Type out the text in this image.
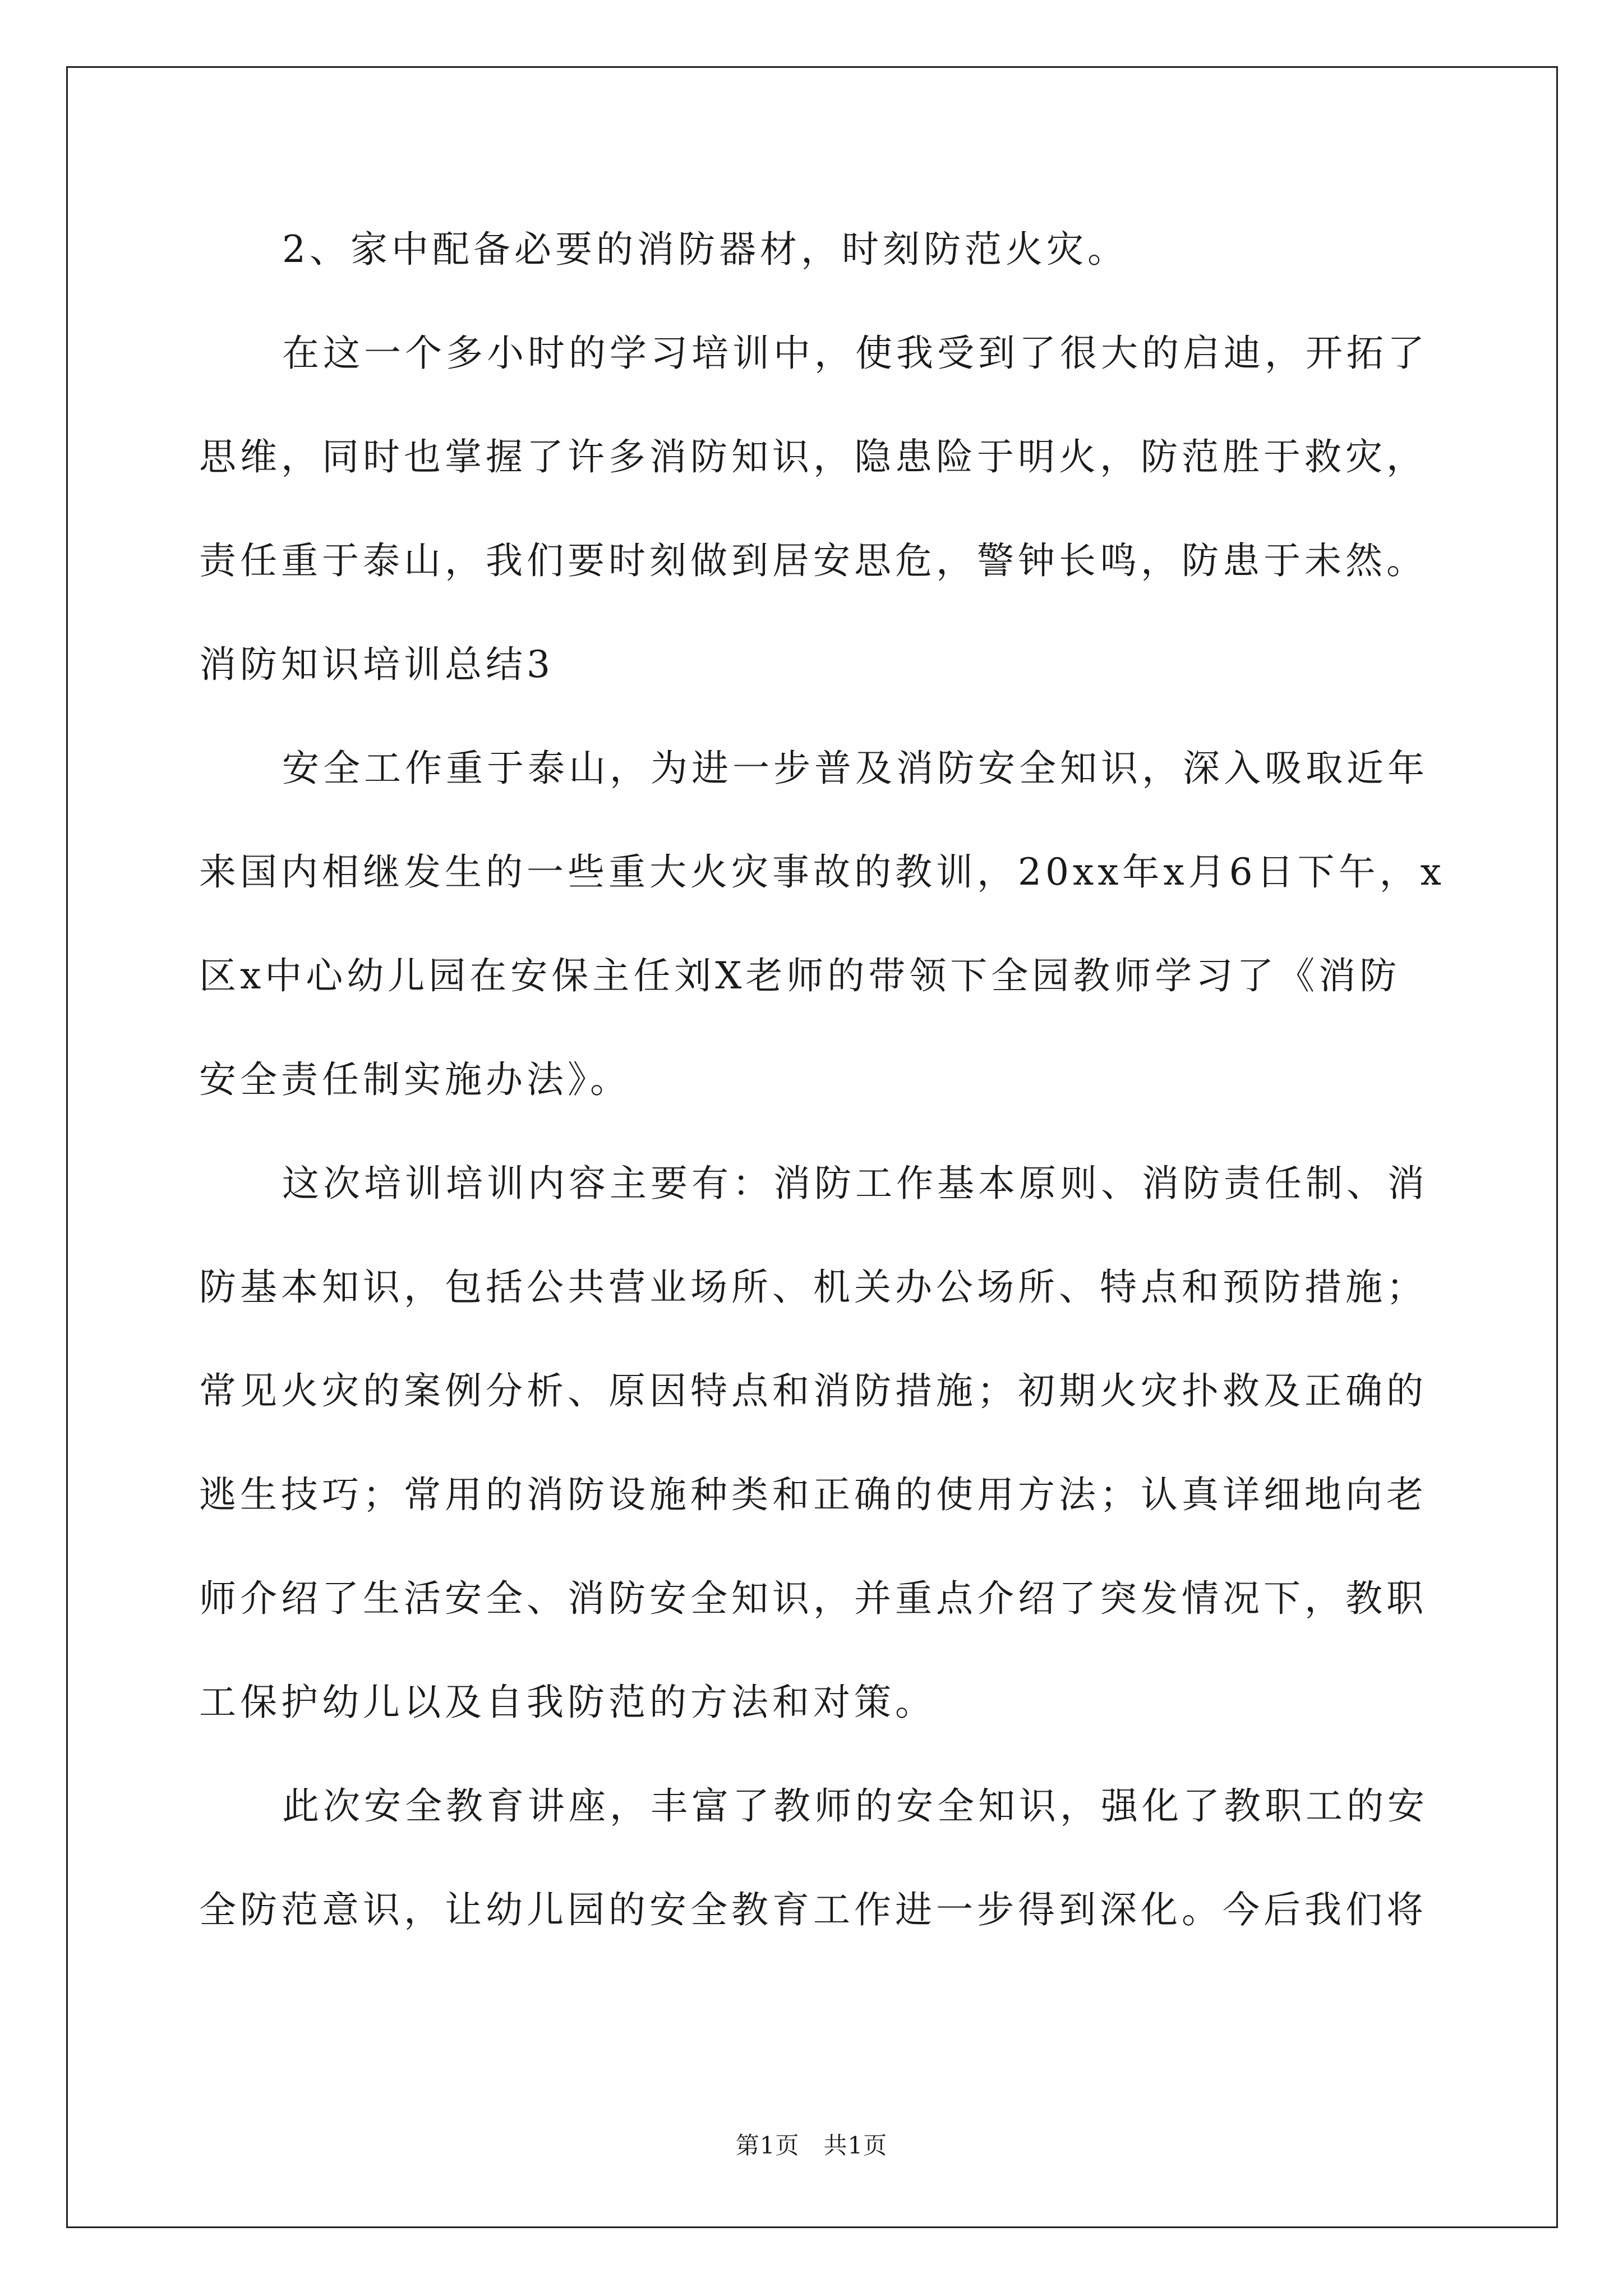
2、家中配备必要的消防器材，时刻防范火灾。
在这一个多小时的学习培训中，使我受到了很大的启迪，开拓了
思维，同时也掌握了许多消防知识，隐患险于明火，防范胜于救灾，
责任重于泰山，我们要时刻做到居安思危，警钟长鸣，防患于未然。
消防知识培训总结3
安全工作重于泰山，为进一步普及消防安全知识，深入吸取近年
来国内相继发生的一些重大火灾事故的教训，20xx年x月6日下午，x
区x中心幼儿园在安保主任刘X老师的带领下全园教师学习了《消防
安全责任制实施办法》。
这次培训培训内容主要有：消防工作基本原则、消防责任制、消
防基本知识，包括公共营业场所、机关办公场所、特点和预防措施；
常见火灾的案例分析、原因特点和消防措施；初期火灾扑救及正确的
逃生技巧；常用的消防设施种类和正确的使用方法；认真详细地向老
师介绍了生活安全、消防安全知识，并重点介绍了突发情况下，教职
工保护幼儿以及自我防范的方法和对策。
此次安全教育讲座，丰富了教师的安全知识，强化了教职工的安
全防范意识，让幼儿园的安全教育工作进一步得到深化。今后我们将
第1页　共1页
